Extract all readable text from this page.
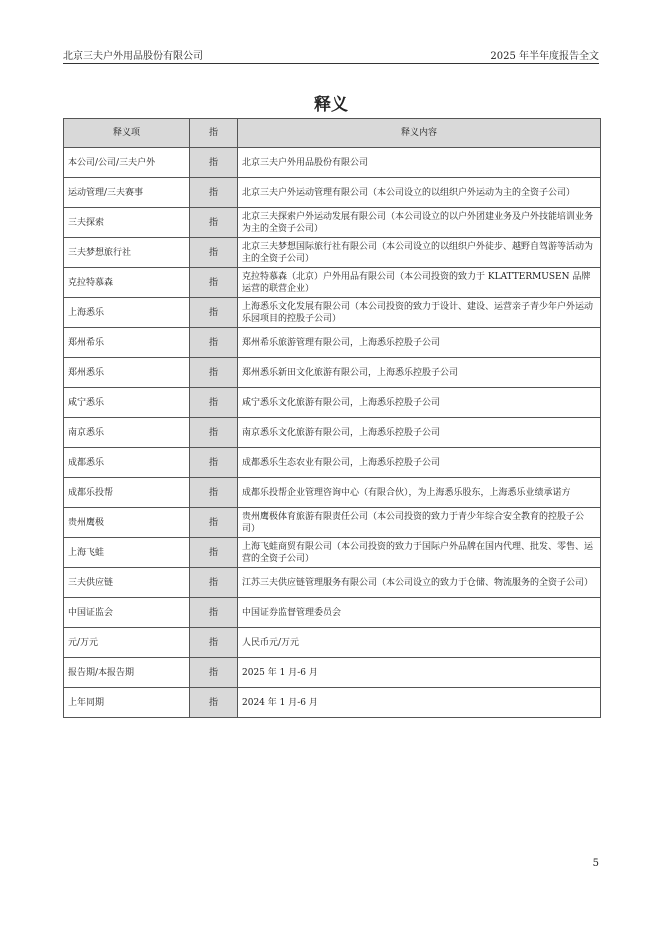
北京三夫户外用品股份有限公司	2025 年半年度报告全文
释义
释义项	指	释义内容
本公司/公司/三夫户外	指	北京三夫户外用品股份有限公司
运动管理/三夫赛事	指	北京三夫户外运动管理有限公司（本公司设立的以组织户外运动为主的全资子公司）
三夫探索	指	北京三夫探索户外运动发展有限公司（本公司设立的以户外团建业务及户外技能培训业务为主的全资子公司）
三夫梦想旅行社	指	北京三夫梦想国际旅行社有限公司（本公司设立的以组织户外徒步、越野自驾游等活动为主的全资子公司）
克拉特慕森	指	克拉特慕森（北京）户外用品有限公司（本公司投资的致力于 KLATTERMUSEN 品牌运营的联营企业）
上海悉乐	指	上海悉乐文化发展有限公司（本公司投资的致力于设计、建设、运营亲子青少年户外运动乐园项目的控股子公司）
郑州希乐	指	郑州希乐旅游管理有限公司，上海悉乐控股子公司
郑州悉乐	指	郑州悉乐新田文化旅游有限公司，上海悉乐控股子公司
咸宁悉乐	指	咸宁悉乐文化旅游有限公司，上海悉乐控股子公司
南京悉乐	指	南京悉乐文化旅游有限公司，上海悉乐控股子公司
成都悉乐	指	成都悉乐生态农业有限公司，上海悉乐控股子公司
成都乐投帮	指	成都乐投帮企业管理咨询中心（有限合伙），为上海悉乐股东，上海悉乐业绩承诺方
贵州鹰极	指	贵州鹰极体育旅游有限责任公司（本公司投资的致力于青少年综合安全教育的控股子公司）
上海飞蛙	指	上海飞蛙商贸有限公司（本公司投资的致力于国际户外品牌在国内代理、批发、零售、运营的全资子公司）
三夫供应链	指	江苏三夫供应链管理服务有限公司（本公司设立的致力于仓储、物流服务的全资子公司）
中国证监会	指	中国证券监督管理委员会
元/万元	指	人民币元/万元
报告期/本报告期	指	2025 年 1 月-6 月
上年同期	指	2024 年 1 月-6 月
5
